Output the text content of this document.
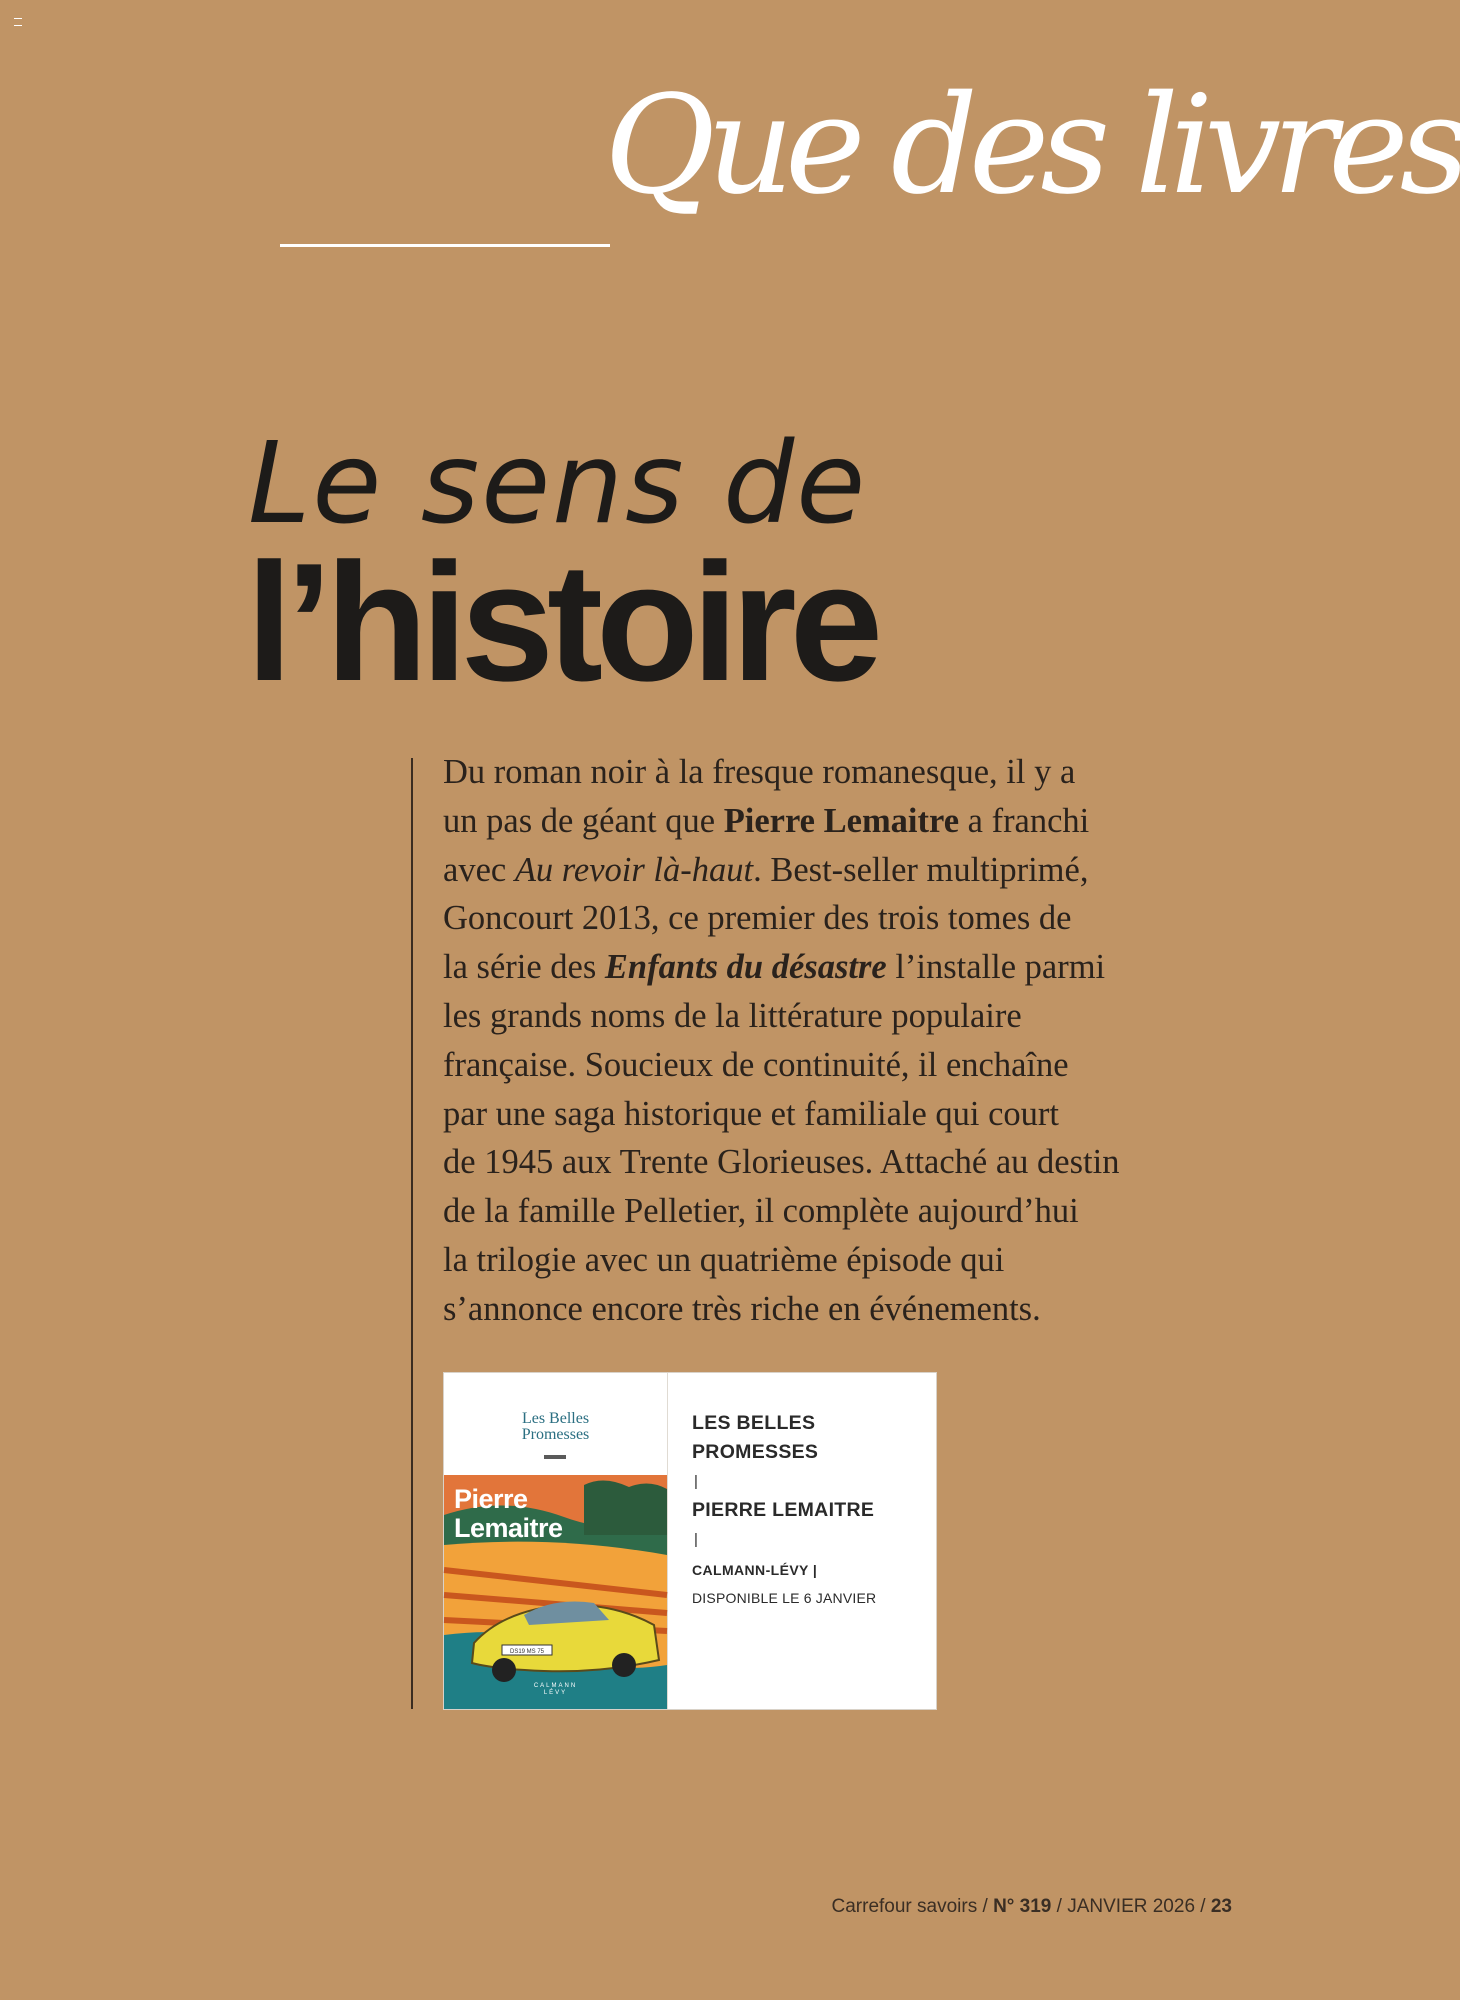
Que des livres
Le sens de
l’histoire

Du roman noir à la fresque romanesque, il y a
un pas de géant que Pierre Lemaitre a franchi
avec Au revoir là-haut. Best-seller multiprimé,
Goncourt 2013, ce premier des trois tomes de
la série des Enfants du désastre l’installe parmi
les grands noms de la littérature populaire
française. Soucieux de continuité, il enchaîne
par une saga historique et familiale qui court
de 1945 aux Trente Glorieuses. Attaché au destin
de la famille Pelletier, il complète aujourd’hui
la trilogie avec un quatrième épisode qui
s’annonce encore très riche en événements.

Les Belles
Promesses
DS19 MS 75
Pierre
Lemaitre
CALMANN
LÉVY
LES BELLES
PROMESSES
|
PIERRE LEMAITRE
|
CALMANN-LÉVY |
DISPONIBLE LE 6 JANVIER
Carrefour savoirs / N° 319 / JANVIER 2026 / 23
